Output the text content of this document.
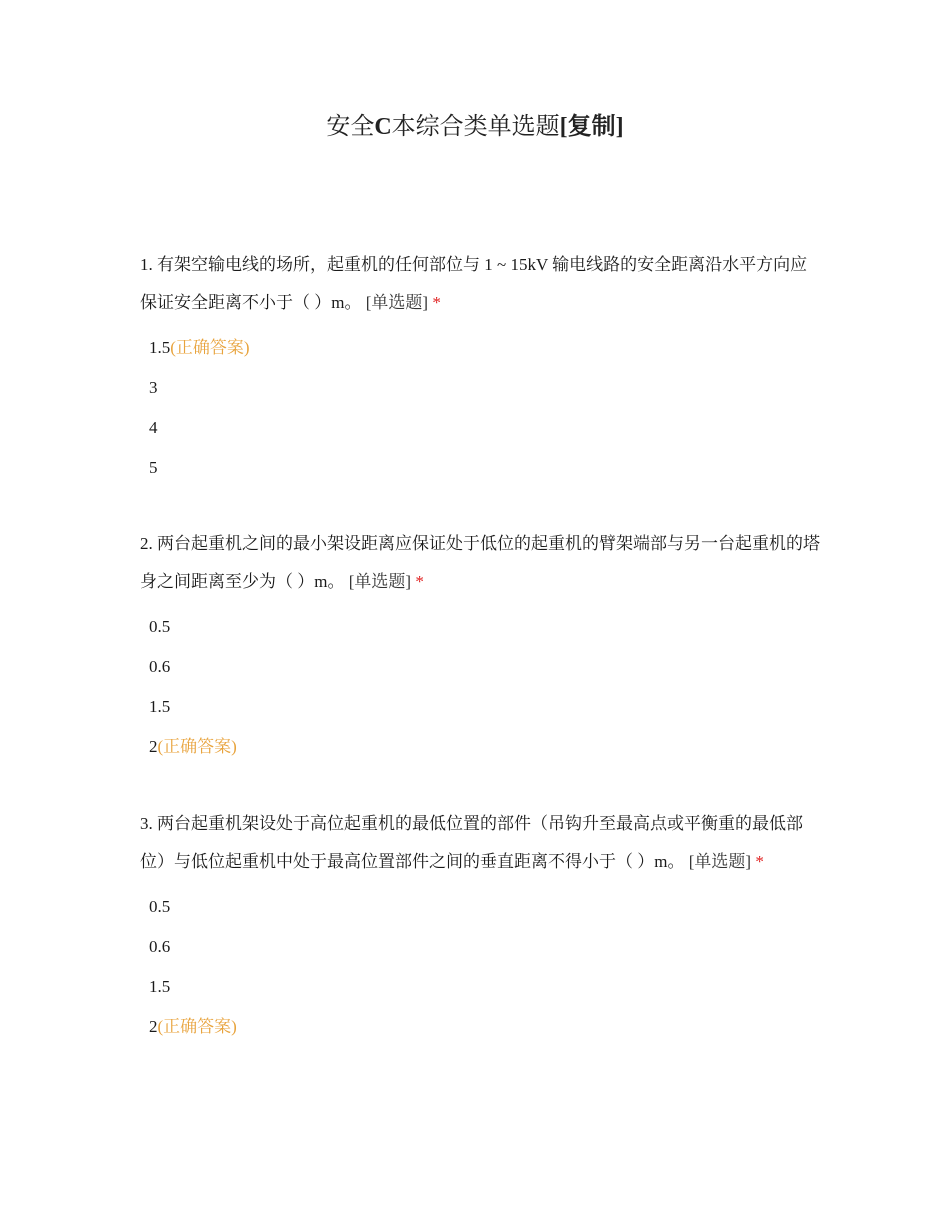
安全C本综合类单选题[复制]
1. 有架空输电线的场所，起重机的任何部位与 1 ~ 15kV 输电线路的安全距离沿水平方向应保证安全距离不小于（ ）m。 [单选题] *
1.5(正确答案)
3
4
5
2. 两台起重机之间的最小架设距离应保证处于低位的起重机的臂架端部与另一台起重机的塔身之间距离至少为（ ）m。 [单选题] *
0.5
0.6
1.5
2(正确答案)
3. 两台起重机架设处于高位起重机的最低位置的部件（吊钩升至最高点或平衡重的最低部位）与低位起重机中处于最高位置部件之间的垂直距离不得小于（ ）m。 [单选题] *
0.5
0.6
1.5
2(正确答案)
